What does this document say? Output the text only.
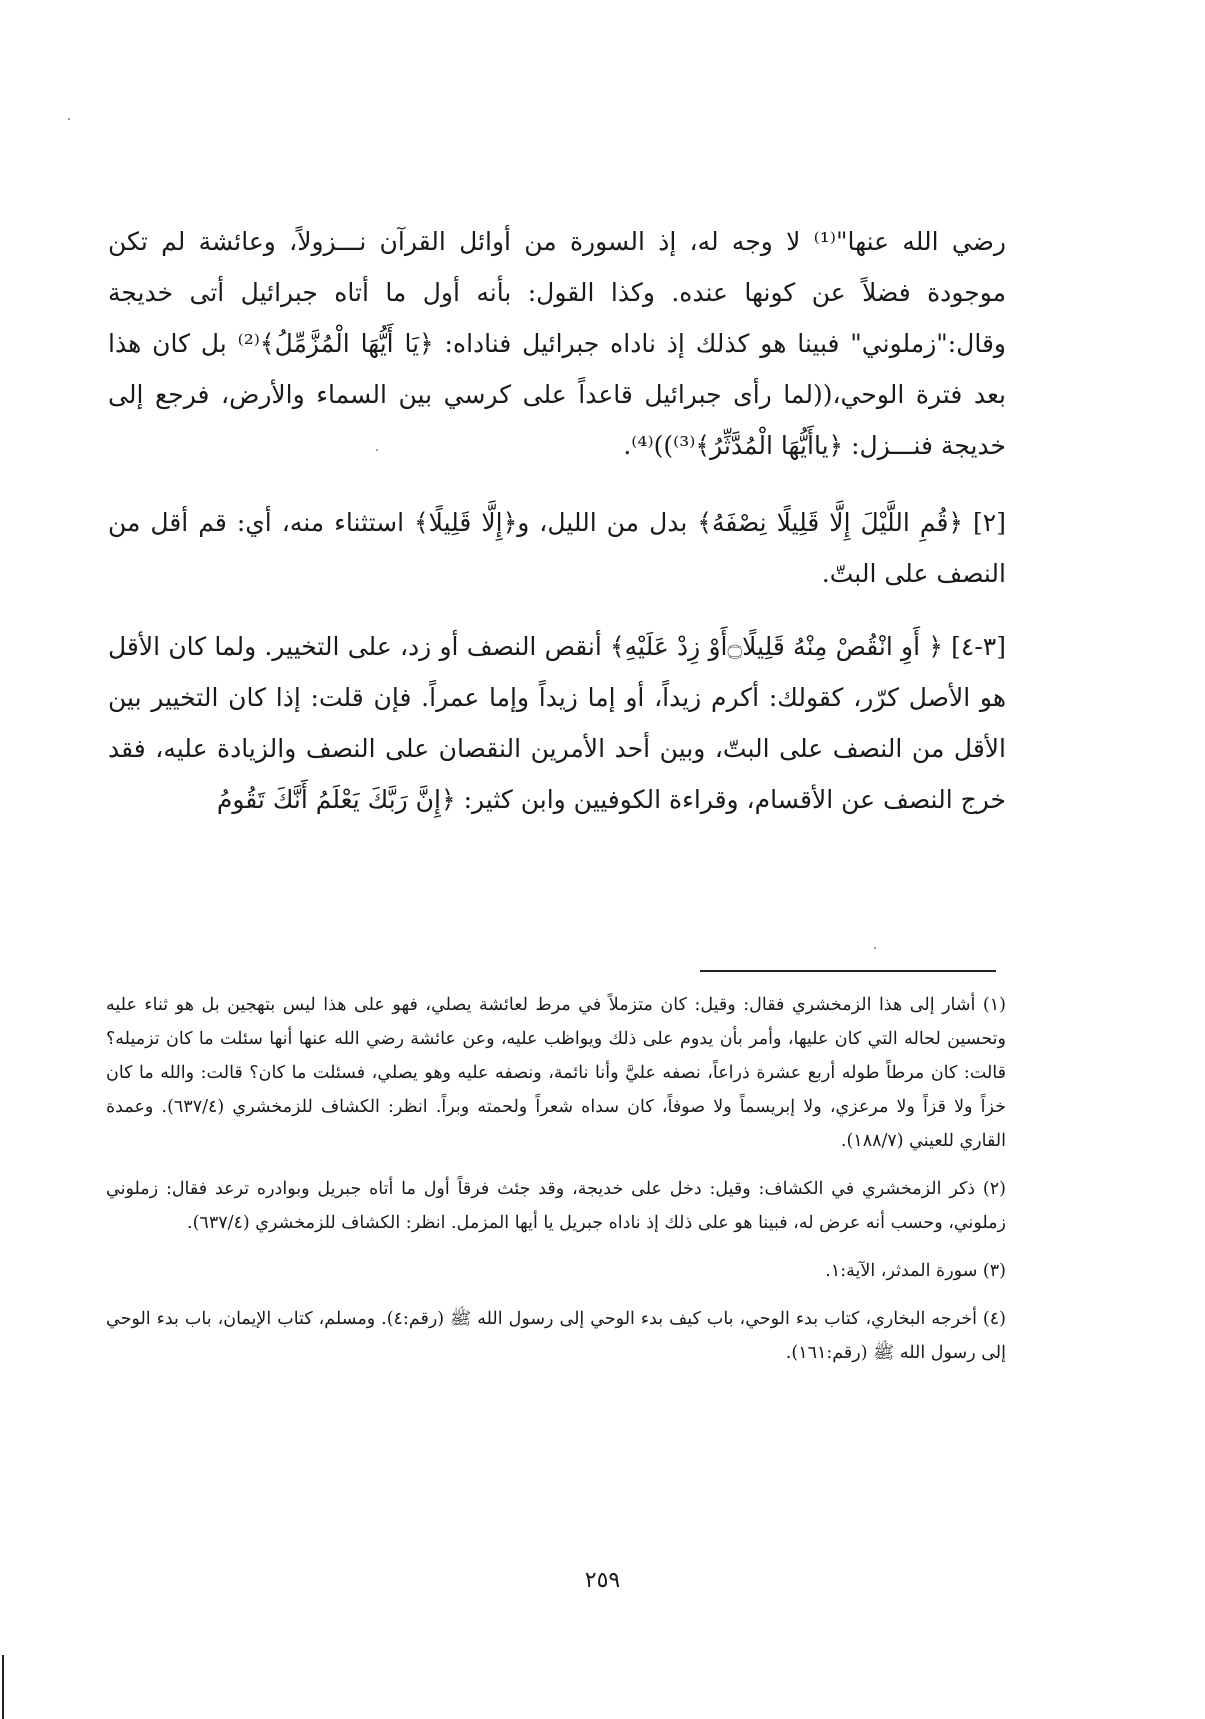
رضي الله عنها"⁽¹⁾ لا وجه له، إذ السورة من أوائل القرآن نـــزولاً، وعائشة لم تكن موجودة فضلاً عن كونها عنده. وكذا القول: بأنه أول ما أتاه جبرائيل أتى خديجة وقال:"زملوني" فبينا هو كذلك إذ ناداه جبرائيل فناداه: ﴿يَا أَيُّهَا الْمُزَّمِّلُ﴾⁽²⁾ بل كان هذا بعد فترة الوحي،((لما رأى جبرائيل قاعداً على كرسي بين السماء والأرض، فرجع إلى خديجة فنـــزل: ﴿ياأَيُّهَا الْمُدَّثِّرُ﴾⁽³⁾))⁽⁴⁾.

[٢] ﴿قُمِ اللَّيْلَ إِلَّا قَلِيلًا نِصْفَهُ﴾ بدل من الليل، و﴿إِلَّا قَلِيلًا﴾ استثناء منه، أي: قم أقل من النصف على البتّ.

[٣-٤] ﴿ أَوِ انْقُصْ مِنْهُ قَلِيلًا۝أَوْ زِدْ عَلَيْهِ﴾ أنقص النصف أو زد، على التخيير. ولما كان الأقل هو الأصل كرّر، كقولك: أكرم زيداً، أو إما زيداً وإما عمراً. فإن قلت: إذا كان التخيير بين الأقل من النصف على البتّ، وبين أحد الأمرين النقصان على النصف والزيادة عليه، فقد خرج النصف عن الأقسام، وقراءة الكوفيين وابن كثير: ﴿إِنَّ رَبَّكَ يَعْلَمُ أَنَّكَ تَقُومُ

(١) أشار إلى هذا الزمخشري فقال: وقيل: كان متزملاً في مرط لعائشة يصلي، فهو على هذا ليس بتهجين بل هو ثناء عليه وتحسين لحاله التي كان عليها، وأمر بأن يدوم على ذلك ويواظب عليه، وعن عائشة رضي الله عنها أنها سئلت ما كان تزميله؟ قالت: كان مرطاً طوله أربع عشرة ذراعاً، نصفه عليَّ وأنا نائمة، ونصفه عليه وهو يصلي، فسئلت ما كان؟ قالت: والله ما كان خزاً ولا قزاً ولا مرعزي، ولا إبريسماً ولا صوفاً، كان سداه شعراً ولحمته وبراً. انظر: الكشاف للزمخشري (٦٣٧/٤). وعمدة القاري للعيني (١٨٨/٧).

(٢) ذكر الزمخشري في الكشاف: وقيل: دخل على خديجة، وقد جئث فرقاً أول ما أتاه جبريل وبوادره ترعد فقال: زملوني زملوني، وحسب أنه عرض له، فبينا هو على ذلك إذ ناداه جبريل يا أيها المزمل. انظر: الكشاف للزمخشري (٦٣٧/٤).

(٣) سورة المدثر، الآية:١.

(٤) أخرجه البخاري، كتاب بدء الوحي، باب كيف بدء الوحي إلى رسول الله ﷺ (رقم:٤). ومسلم، كتاب الإيمان، باب بدء الوحي إلى رسول الله ﷺ (رقم:١٦١).

٢٥٩
